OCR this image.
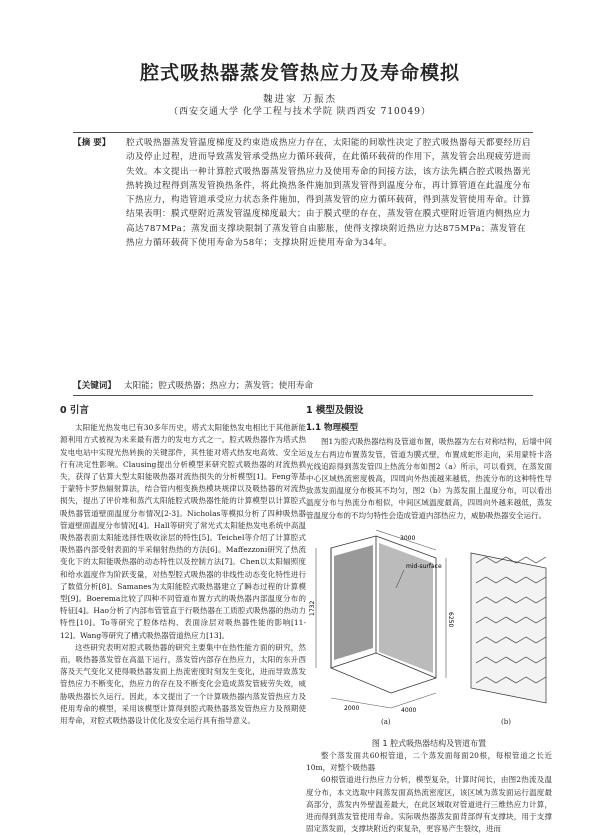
腔式吸热器蒸发管热应力及寿命模拟
魏进家 万振杰
（西安交通大学 化学工程与技术学院 陕西西安 710049）
【摘 要】 腔式吸热器蒸发管温度梯度及约束造成热应力存在，太阳能的间歇性决定了腔式吸热器每天都要经历启动及停止过程，进而导致蒸发管承受热应力循环载荷，在此循环载荷的作用下，蒸发管会出现疲劳进而失效。本文提出一种计算腔式吸热器蒸发管热应力及使用寿命的间接方法，该方法先耦合腔式吸热器光热转换过程得到蒸发管换热条件，将此换热条件施加到蒸发管得到温度分布，再计算管道在此温度分布下热应力，构造管道承受应力状态条件施加，得到蒸发管的应力循环载荷，得到蒸发管使用寿命。计算结果表明：膜式壁附近蒸发管温度梯度最大；由于膜式壁的存在，蒸发管在膜式壁附近管道内侧热应力高达787MPa；蒸发面支撑块限制了蒸发管自由膨胀，使得支撑块附近热应力达875MPa；蒸发管在热应力循环载荷下使用寿命为58年；支撑块附近使用寿命为34年。
【关键词】 太阳能；腔式吸热器；热应力；蒸发管；使用寿命
0 引言

太阳能光热发电已有30多年历史，塔式太阳能热发电相比于其他新能源利用方式被视为未来最有潜力的发电方式之一。腔式吸热器作为塔式热发电电站中实现光热转换的关键部件，其性能对塔式热发电高效、安全运行有决定性影响。Clausing提出分析模型来研究腔式吸热器的对流热损失，获得了估算大型太阳能吸热器对流热损失的分析模型[1]。Feng等基于蒙特卡罗热辐射算法，结合管内相变换热模块规律以及吸热器的对流热损失，提出了评价堆和蒸汽太阳能腔式吸热器性能的计算模型以计算腔式吸热器管道壁面温度分布情况[2-3]。Nicholas等模拟分析了四种吸热器管道壁面温度分布情况[4]。Hall等研究了常光式太阳能热发电系统中高温吸热器表面太阳能选择性吸收涂层的特性[5]。Teichel等介绍了计算腔式吸热器内部受射表面的半采辐射热热的方法[6]。Maffezzoni研究了热流变化下的太阳能吸热器的动态特性以及控制方法[7]。Chen以太阳辐照度和给水温度作为阶跃变量，对热型腔式吸热器的非线性动态变化特性进行了数值分析[8]。Samanes为太阳能腔式吸热器建立了瞬态过程的计算模型[9]。Boerema比较了四种不同管道布置方式的吸热器内部温度分布的特征[4]。Hao分析了内部布管管直于行吸热器在工质腔式吸热器的热动力特性[10]。To等研究了腔体结构、表面涂层对吸热器性能的影响[11-12]。Wang等研究了槽式吸热器管道热应力[13]。

这些研究表明对腔式吸热器的研究主要集中在热性能方面的研究，然而，吸热器蒸发管在高温下运行，蒸发管内部存在热应力，太阳的东升西落及天气变化又使得吸热器发面上热流密度时刻发生变化，进而导致蒸发管热应力不断变化，热应力的存在及不断变化会造成蒸发管疲劳失效，威胁吸热器长久运行。因此，本文提出了一个计算吸热器内蒸发管热应力及使用寿命的模型，采用该模型计算得到腔式吸热器蒸发管热应力及预期使用寿命，对腔式吸热器设计优化及安全运行具有指导意义。

1 模型及假设
1.1 物理模型

图1为腔式吸热器结构及管道布置，吸热器为左右对称结构，后墙中间及左右两边布置蒸发管，管道为膜式壁，布置成蛇形走向，采用蒙特卡洛光线追踪得到蒸发管四上热流分布如图2（a）所示，可以看到，在蒸发面中心区域热流密度极高，四周向外热流越来越低，热流分布的这种特性导致蒸发面温度分布极其不均匀，图2（b）为蒸发面上温度分布，可以看出温度分布与热流分布相似，中间区域温度最高，四周向外越来越低，蒸发管温度分布的不均匀特性会造成管道内部热应力，威胁吸热器安全运行。

3000
1732
6250
2000	4000
mid-surface
(a)	(b)
图 1 腔式吸热器结构及管道布置

整个蒸发面共60根管道，二个蒸发面每面20根，每根管道之长近10m，对整个吸热器

60根管道进行热应力分析，模型复杂，计算时间长，由图2热流及温度分布，本文选取中间蒸发面高热流密度区，该区域为蒸发面运行温度最高部分，蒸发内外壁温差最大，在此区域取对管道进行三维热应力计算，进而得到蒸发管使用寿命。实际吸热器蒸发面背部焊有支撑块，用于支撑固定蒸发面，支撑块附近约束复杂，更容易产生裂纹，进而
